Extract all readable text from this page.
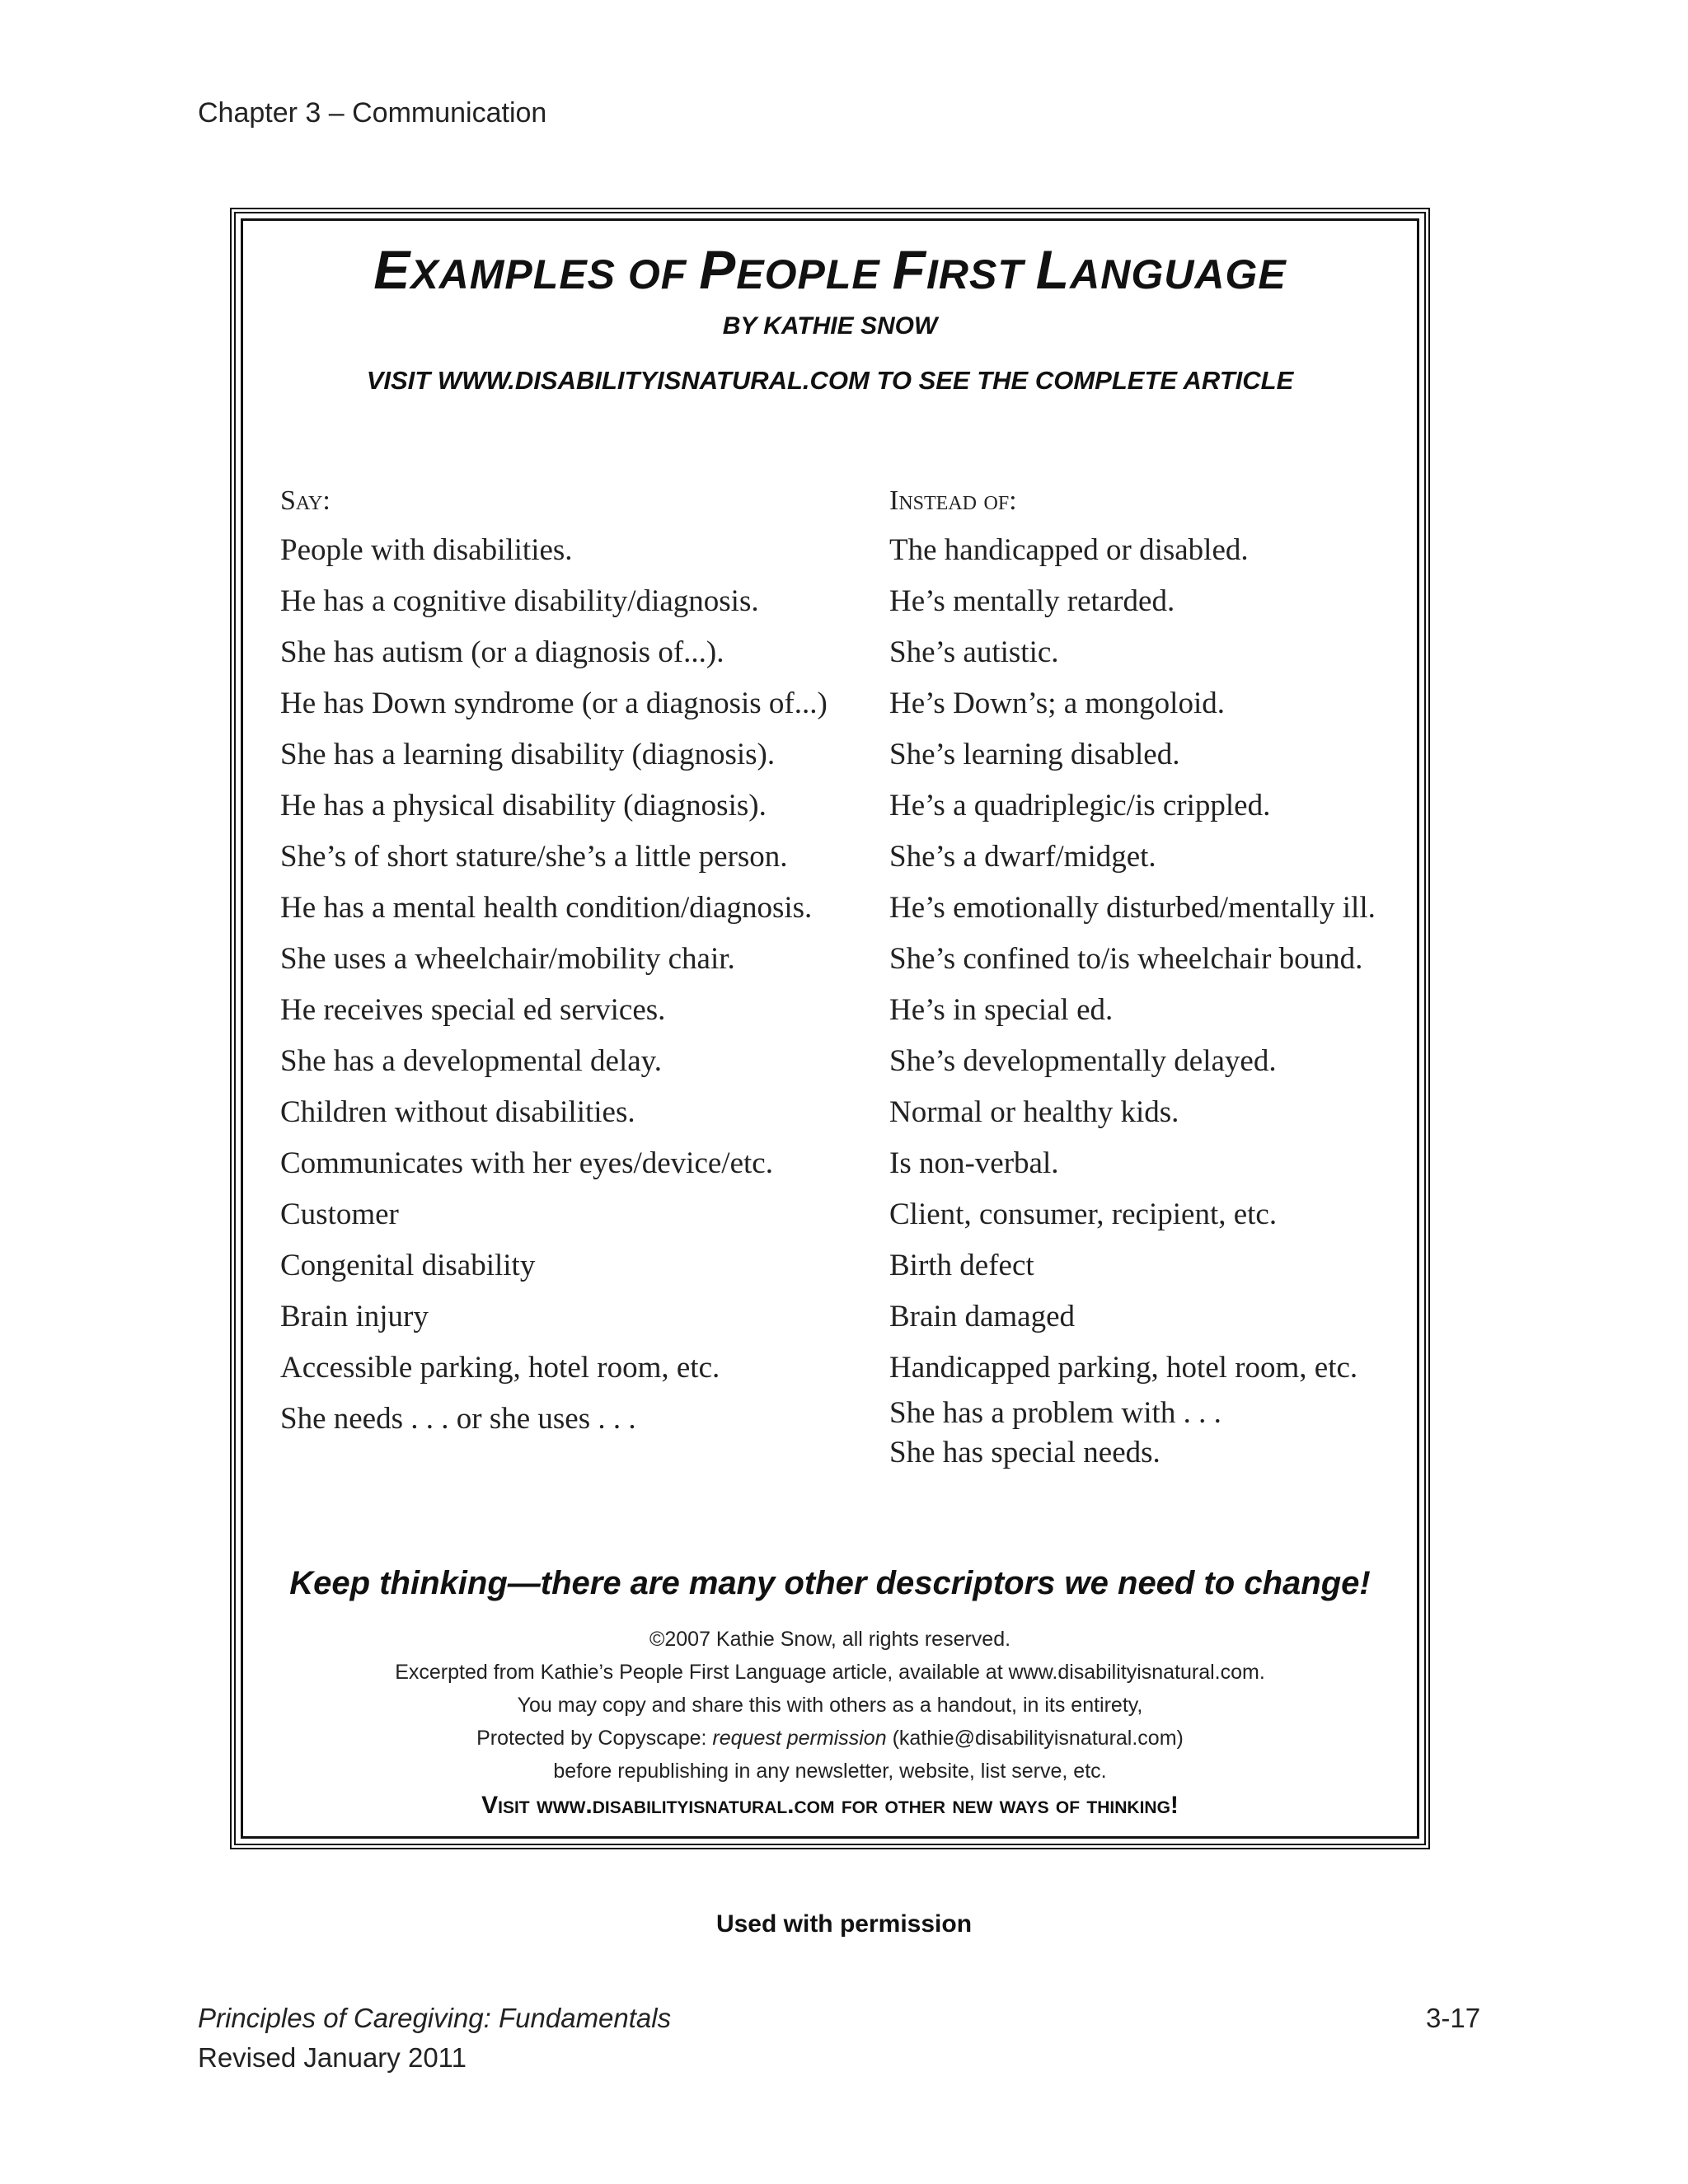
Chapter 3 – Communication
EXAMPLES OF PEOPLE FIRST LANGUAGE
BY KATHIE SNOW
VISIT WWW.DISABILITYISNATURAL.COM TO SEE THE COMPLETE ARTICLE
Say:
People with disabilities.
He has a cognitive disability/diagnosis.
She has autism (or a diagnosis of...).
He has Down syndrome (or a diagnosis of...)
She has a learning disability (diagnosis).
He has a physical disability (diagnosis).
She’s of short stature/she’s a little person.
He has a mental health condition/diagnosis.
She uses a wheelchair/mobility chair.
He receives special ed services.
She has a developmental delay.
Children without disabilities.
Communicates with her eyes/device/etc.
Customer
Congenital disability
Brain injury
Accessible parking, hotel room, etc.
She needs . . . or she uses . . .
Instead of:
The handicapped or disabled.
He’s mentally retarded.
She’s autistic.
He’s Down’s; a mongoloid.
She’s learning disabled.
He’s a quadriplegic/is crippled.
She’s a dwarf/midget.
He’s emotionally disturbed/mentally ill.
She’s confined to/is wheelchair bound.
He’s in special ed.
She’s developmentally delayed.
Normal or healthy kids.
Is non-verbal.
Client, consumer, recipient, etc.
Birth defect
Brain damaged
Handicapped parking, hotel room, etc.
She has a problem with . . .
She has special needs.
Keep thinking—there are many other descriptors we need to change!
©2007 Kathie Snow, all rights reserved.
Excerpted from Kathie’s People First Language article, available at www.disabilityisnatural.com.
You may copy and share this with others as a handout, in its entirety,
Protected by Copyscape: request permission (kathie@disabilityisnatural.com)
before republishing in any newsletter, website, list serve, etc.
Visit www.disabilityisnatural.com for other new ways of thinking!
Used with permission
Principles of Caregiving: Fundamentals
Revised January 2011
3-17
